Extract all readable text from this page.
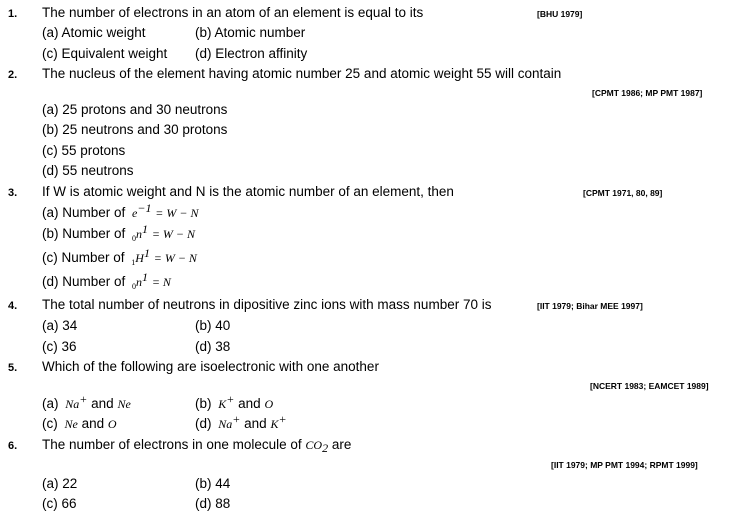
1. The number of electrons in an atom of an element is equal to its	[BHU 1979]
(a) Atomic weight	(b) Atomic number
(c) Equivalent weight (d) Electron affinity
2. The nucleus of the element having atomic number 25 and atomic weight 55 will contain
[CPMT 1986; MP PMT 1987]
(a) 25 protons and 30 neutrons
(b) 25 neutrons and 30 protons
(c) 55 protons
(d) 55 neutrons
3. If W is atomic weight and N is the atomic number of an element, then	[CPMT 1971, 80, 89]
(a) Number of $e^{-1} = W - N$
(b) Number of $_0n^1 = W - N$
(c) Number of $_1H^1 = W - N$
(d) Number of $_0n^1 = N$
4. The total number of neutrons in dipositive zinc ions with mass number 70 is	[IIT 1979; Bihar MEE 1997]
(a) 34	(b) 40
(c) 36	(d) 38
5. Which of the following are isoelectronic with one another
[NCERT 1983; EAMCET 1989]
(a) Na+ and Ne	(b) K+ and O
(c) Ne and O	(d) Na+ and K+
6. The number of electrons in one molecule of $CO_2$ are
[IIT 1979; MP PMT 1994; RPMT 1999]
(a) 22	(b) 44
(c) 66	(d) 88
